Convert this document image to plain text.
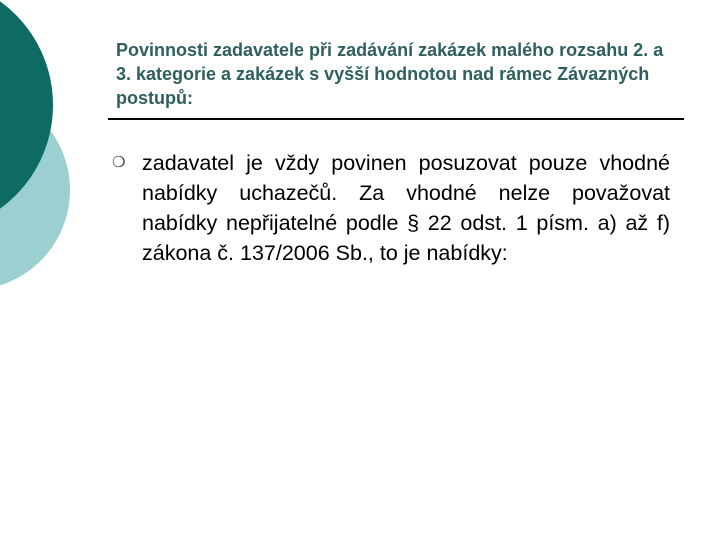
Povinnosti zadavatele při zadávání zakázek malého rozsahu 2. a 3. kategorie a zakázek s vyšší hodnotou nad rámec Závazných postupů:
❍ zadavatel je vždy povinen posuzovat pouze vhodné nabídky uchazečů. Za vhodné nelze považovat nabídky nepřijatelné podle § 22 odst. 1 písm. a) až f) zákona č. 137/2006 Sb., to je nabídky:
